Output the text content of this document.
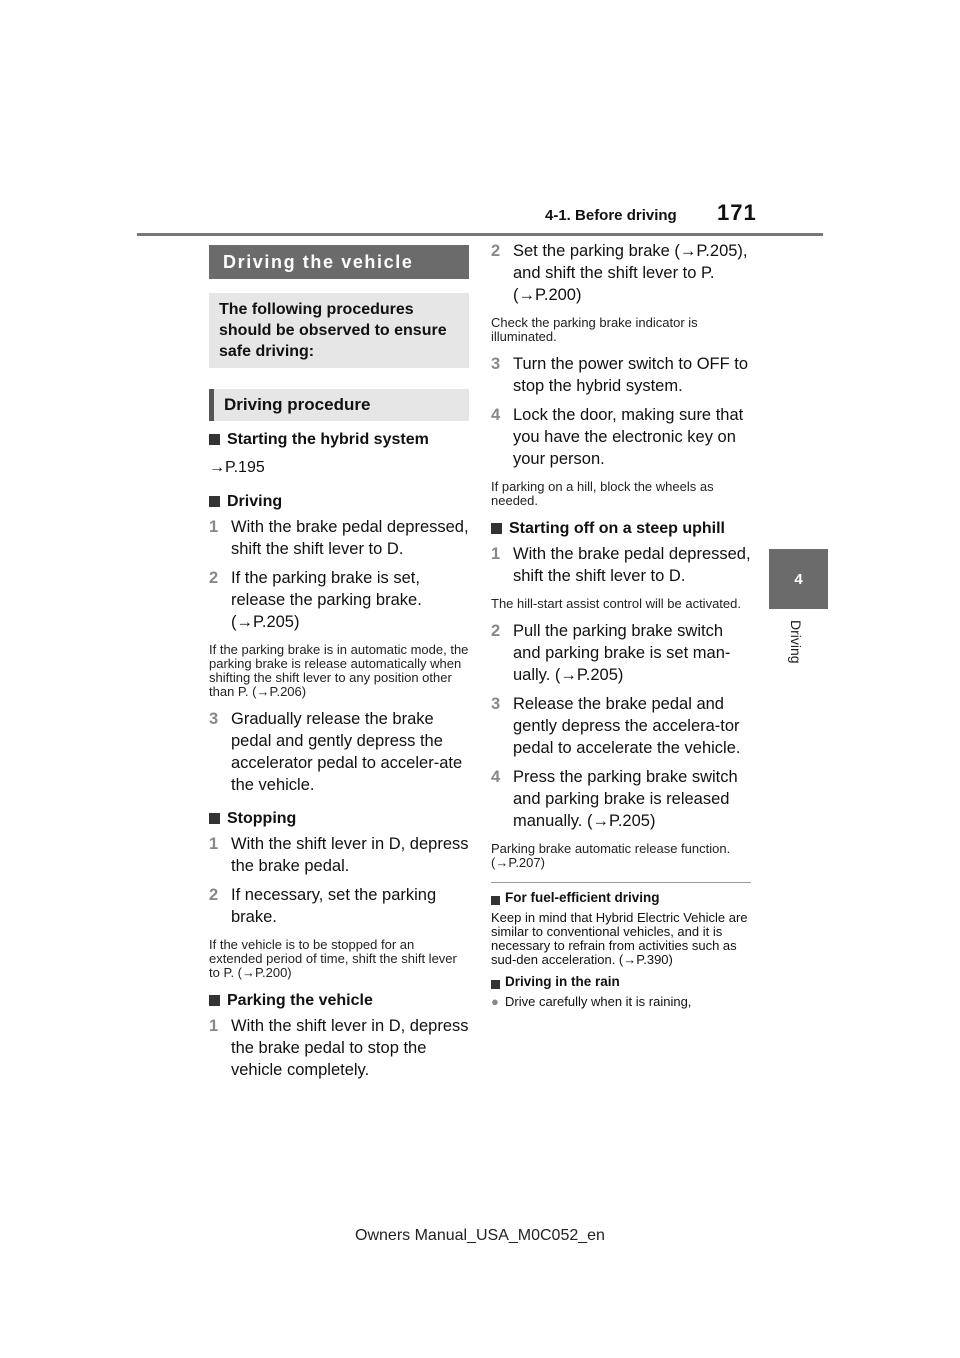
4-1. Before driving 171
4
Driving
Driving the vehicle
The following procedures should be observed to ensure safe driving:
Driving procedure
Starting the hybrid system
→P.195
Driving
1 With the brake pedal depressed, shift the shift lever to D.
2 If the parking brake is set, release the parking brake. (→P.205)
If the parking brake is in automatic mode, the parking brake is release automatically when shifting the shift lever to any position other than P. (→P.206)
3 Gradually release the brake pedal and gently depress the accelerator pedal to acceler-ate the vehicle.
Stopping
1 With the shift lever in D, depress the brake pedal.
2 If necessary, set the parking brake.
If the vehicle is to be stopped for an extended period of time, shift the shift lever to P. (→P.200)
Parking the vehicle
1 With the shift lever in D, depress the brake pedal to stop the vehicle completely.
2 Set the parking brake (→P.205), and shift the shift lever to P. (→P.200)
Check the parking brake indicator is illuminated.
3 Turn the power switch to OFF to stop the hybrid system.
4 Lock the door, making sure that you have the electronic key on your person.
If parking on a hill, block the wheels as needed.
Starting off on a steep uphill
1 With the brake pedal depressed, shift the shift lever to D.
The hill-start assist control will be activated.
2 Pull the parking brake switch and parking brake is set man-ually. (→P.205)
3 Release the brake pedal and gently depress the accelera-tor pedal to accelerate the vehicle.
4 Press the parking brake switch and parking brake is released manually. (→P.205)
Parking brake automatic release function. (→P.207)
For fuel-efficient driving
Keep in mind that Hybrid Electric Vehicle are similar to conventional vehicles, and it is necessary to refrain from activities such as sud-den acceleration. (→P.390)
Driving in the rain
● Drive carefully when it is raining,
Owners Manual_USA_M0C052_en
